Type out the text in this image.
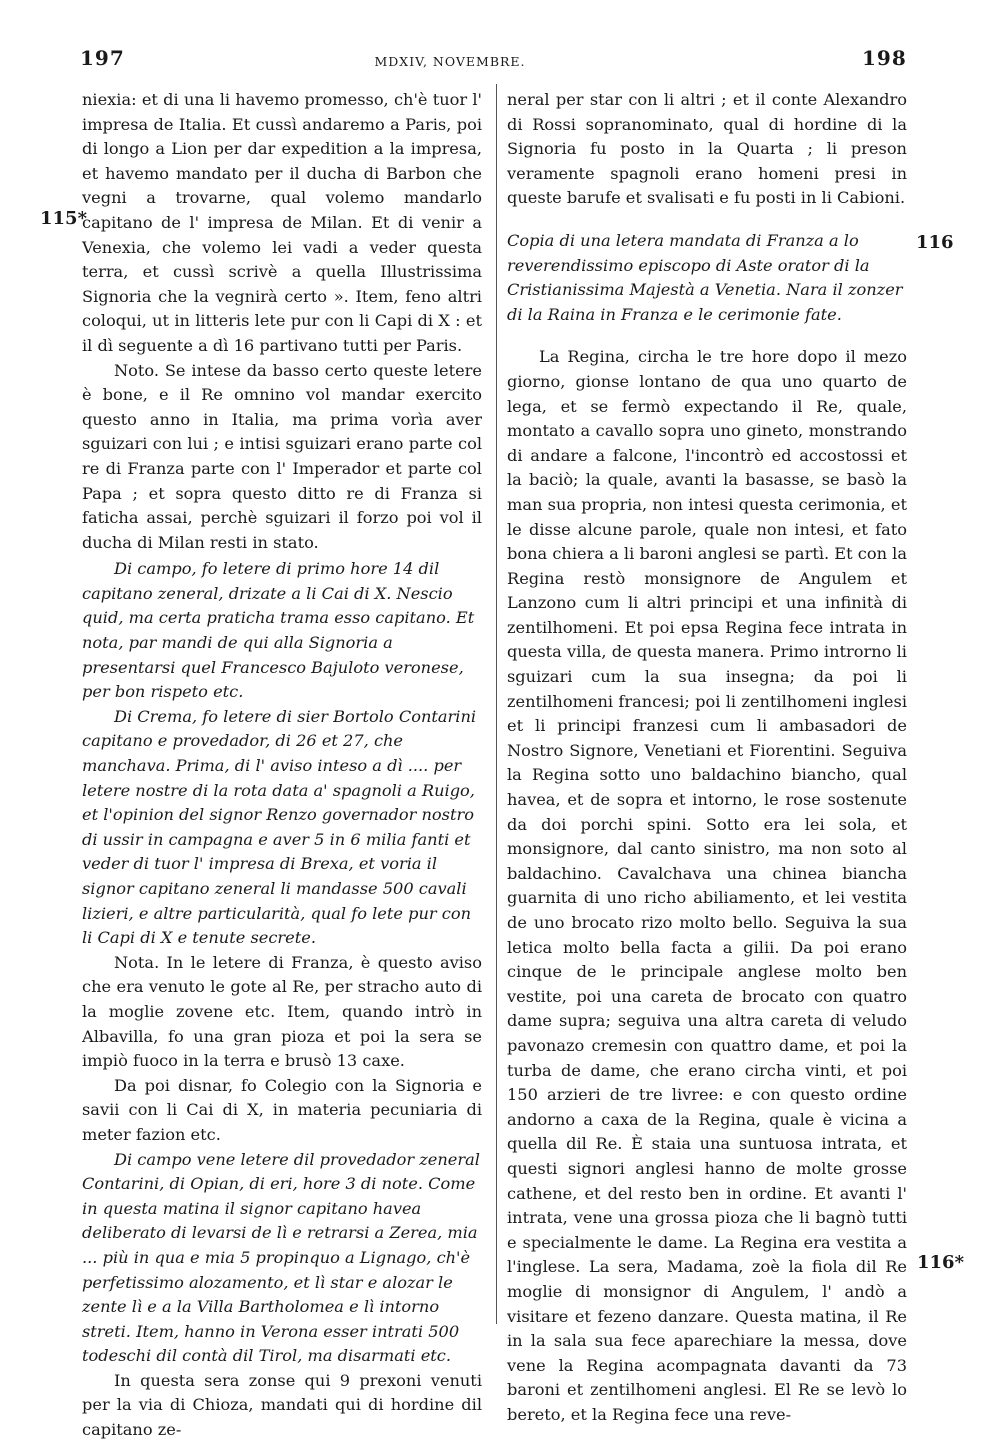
197	MDXIV, NOVEMBRE.	198
115*
116
116*

niexia: et di una li havemo promesso, ch'è tuor l' impresa de Italia. Et cussì andaremo a Paris, poi di longo a Lion per dar expedition a la impresa, et havemo mandato per il ducha di Barbon che vegni a trovarne, qual volemo mandarlo capitano de l' impresa de Milan. Et di venir a Venexia, che volemo lei vadi a veder questa terra, et cussì scrivè a quella Illustrissima Signoria che la vegnirà certo ». Item, feno altri coloqui, ut in litteris lete pur con li Capi di X : et il dì seguente a dì 16 partivano tutti per Paris.

Noto. Se intese da basso certo queste letere è bone, e il Re omnino vol mandar exercito questo anno in Italia, ma prima vorìa aver sguizari con lui ; e intisi sguizari erano parte col re di Franza parte con l' Imperador et parte col Papa ; et sopra questo ditto re di Franza si faticha assai, perchè sguizari il forzo poi vol il ducha di Milan resti in stato.

Di campo, fo letere di primo hore 14 dil capitano zeneral, drizate a li Cai di X. Nescio quid, ma certa praticha trama esso capitano. Et nota, par mandi de qui alla Signoria a presentarsi quel Francesco Bajuloto veronese, per bon rispeto etc.

Di Crema, fo letere di sier Bortolo Contarini capitano e provedador, di 26 et 27, che manchava. Prima, di l' aviso inteso a dì .... per letere nostre di la rota data a' spagnoli a Ruigo, et l'opinion del signor Renzo governador nostro di ussir in campagna e aver 5 in 6 milia fanti et veder di tuor l' impresa di Brexa, et voria il signor capitano zeneral li mandasse 500 cavali lizieri, e altre particularità, qual fo lete pur con li Capi di X e tenute secrete.

Nota. In le letere di Franza, è questo aviso che era venuto le gote al Re, per stracho auto di la moglie zovene etc. Item, quando intrò in Albavilla, fo una gran pioza et poi la sera se impiò fuoco in la terra e brusò 13 caxe.

Da poi disnar, fo Colegio con la Signoria e savii con li Cai di X, in materia pecuniaria di meter fazion etc.

Di campo vene letere dil provedador zeneral Contarini, di Opian, di eri, hore 3 di note. Come in questa matina il signor capitano havea deliberato di levarsi de lì e retrarsi a Zerea, mia ... più in qua e mia 5 propinquo a Lignago, ch'è perfetissimo alozamento, et lì star e alozar le zente lì e a la Villa Bartholomea e lì intorno streti. Item, hanno in Verona esser intrati 500 todeschi dil contà dil Tirol, ma disarmati etc.

In questa sera zonse qui 9 prexoni venuti per la via di Chioza, mandati qui di hordine dil capitano ze-

neral per star con li altri ; et il conte Alexandro di Rossi sopranominato, qual di hordine di la Signoria fu posto in la Quarta ; li preson veramente spagnoli erano homeni presi in queste barufe et svalisati e fu posti in li Cabioni.

Copia di una letera mandata di Franza a lo reverendissimo episcopo di Aste orator di la Cristianissima Majestà a Venetia. Nara il zonzer di la Raina in Franza e le cerimonie fate.

La Regina, circha le tre hore dopo il mezo giorno, gionse lontano de qua uno quarto de lega, et se fermò expectando il Re, quale, montato a cavallo sopra uno gineto, monstrando di andare a falcone, l'incontrò ed accostossi et la baciò; la quale, avanti la basasse, se basò la man sua propria, non intesi questa cerimonia, et le disse alcune parole, quale non intesi, et fato bona chiera a li baroni anglesi se partì. Et con la Regina restò monsignore de Angulem et Lanzono cum li altri principi et una infinità di zentilhomeni. Et poi epsa Regina fece intrata in questa villa, de questa manera. Primo introrno li sguizari cum la sua insegna; da poi li zentilhomeni francesi; poi li zentilhomeni inglesi et li principi franzesi cum li ambasadori de Nostro Signore, Venetiani et Fiorentini. Seguiva la Regina sotto uno baldachino biancho, qual havea, et de sopra et intorno, le rose sostenute da doi porchi spini. Sotto era lei sola, et monsignore, dal canto sinistro, ma non soto al baldachino. Cavalchava una chinea biancha guarnita di uno richo abiliamento, et lei vestita de uno brocato rizo molto bello. Seguiva la sua letica molto bella facta a gilii. Da poi erano cinque de le principale anglese molto ben vestite, poi una careta de brocato con quatro dame supra; seguiva una altra careta di veludo pavonazo cremesin con quattro dame, et poi la turba de dame, che erano circha vinti, et poi 150 arzieri de tre livree: e con questo ordine andorno a caxa de la Regina, quale è vicina a quella dil Re. È staia una suntuosa intrata, et questi signori anglesi hanno de molte grosse cathene, et del resto ben in ordine. Et avanti l' intrata, vene una grossa pioza che li bagnò tutti e specialmente le dame. La Regina era vestita a l'inglese. La sera, Madama, zoè la fiola dil Re moglie di monsignor di Angulem, l' andò a visitare et fezeno danzare. Questa matina, il Re in la sala sua fece aparechiare la messa, dove vene la Regina acompagnata davanti da 73 baroni et zentilhomeni anglesi. El Re se levò lo bereto, et la Regina fece una reve-
